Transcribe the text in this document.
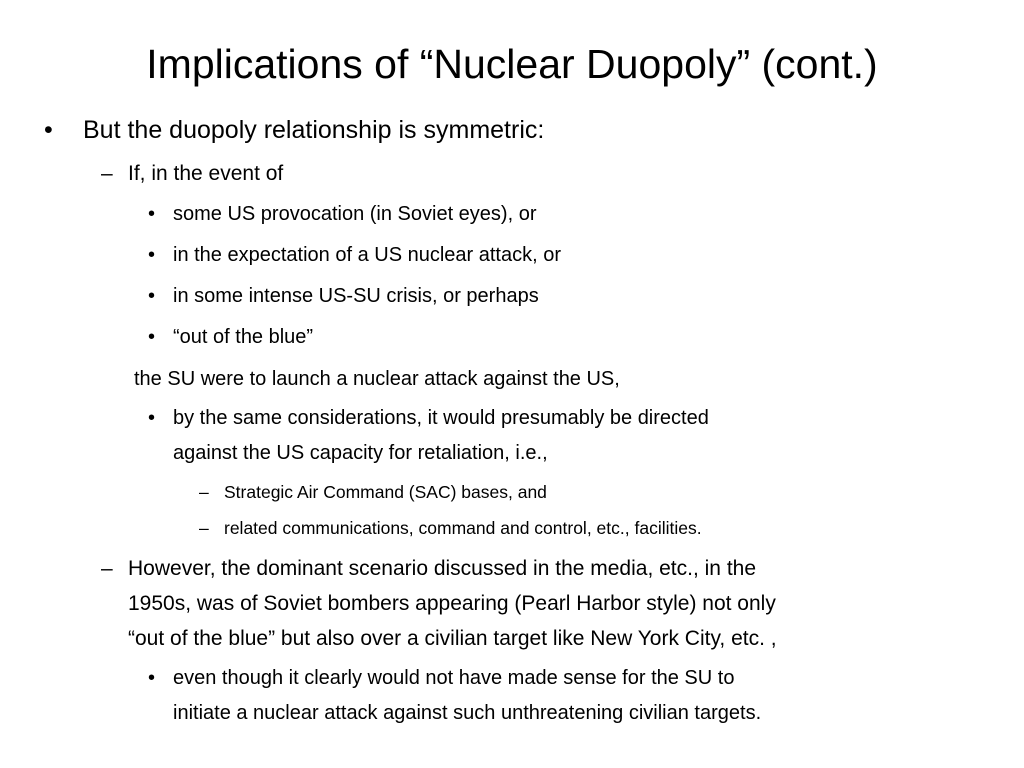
Implications of “Nuclear Duopoly” (cont.)
• But the duopoly relationship is symmetric:
– If, in the event of
• some US provocation (in Soviet eyes), or
• in the expectation of a US nuclear attack, or
• in some intense US-SU crisis, or perhaps
• “out of the blue”
the SU were to launch a nuclear attack against the US,
• by the same considerations, it would presumably be directed
against the US capacity for retaliation, i.e.,
– Strategic Air Command (SAC) bases, and
– related communications, command and control, etc., facilities.
– However, the dominant scenario discussed in the media, etc., in the
1950s, was of Soviet bombers appearing (Pearl Harbor style) not only
“out of the blue” but also over a civilian target like New York City, etc. ,
• even though it clearly would not have made sense for the SU to
initiate a nuclear attack against such unthreatening civilian targets.
